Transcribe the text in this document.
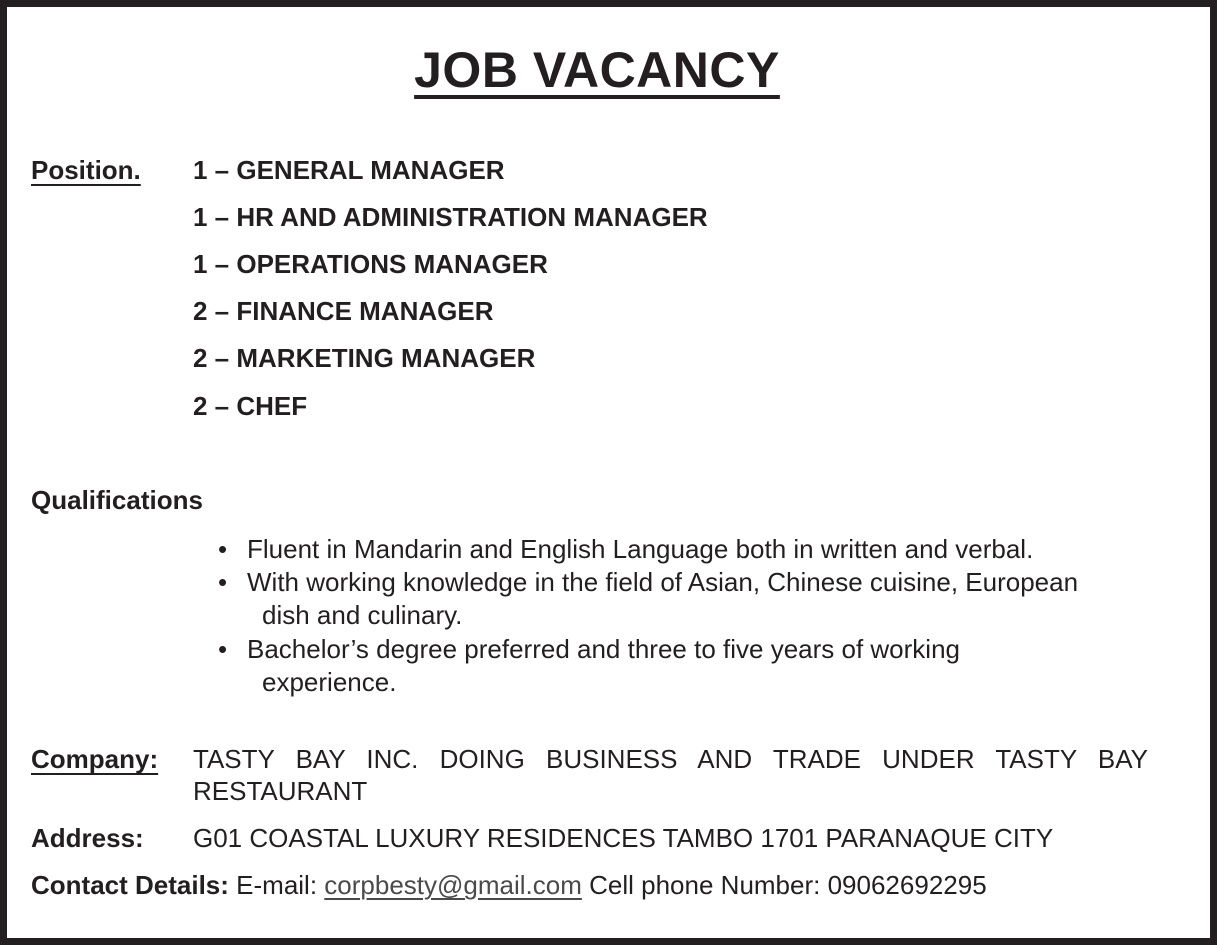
JOB VACANCY
Position. 1 – GENERAL MANAGER
1 – HR AND ADMINISTRATION MANAGER
1 – OPERATIONS MANAGER
2 – FINANCE MANAGER
2 – MARKETING MANAGER
2 – CHEF
Qualifications
• Fluent in Mandarin and English Language both in written and verbal.
• With working knowledge in the field of Asian, Chinese cuisine, European
dish and culinary.
• Bachelor’s degree preferred and three to five years of working
experience.
Company: TASTY BAY INC. DOING BUSINESS AND TRADE UNDER TASTY BAY
RESTAURANT
Address: G01 COASTAL LUXURY RESIDENCES TAMBO 1701 PARANAQUE CITY
Contact Details: E-mail: corpbesty@gmail.com Cell phone Number: 09062692295
